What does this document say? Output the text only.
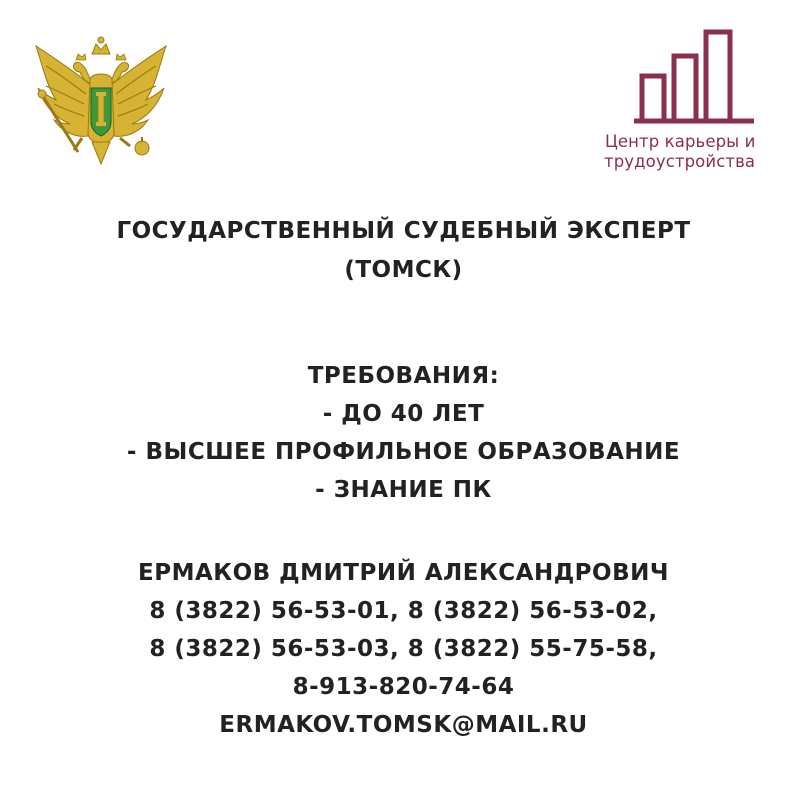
Центр карьеры и
трудоустройства
ГОСУДАРСТВЕННЫЙ СУДЕБНЫЙ ЭКСПЕРТ
(ТОМСК)
ТРЕБОВАНИЯ:
- ДО 40 ЛЕТ
- ВЫСШЕЕ ПРОФИЛЬНОЕ ОБРАЗОВАНИЕ
- ЗНАНИЕ ПК
ЕРМАКОВ ДМИТРИЙ АЛЕКСАНДРОВИЧ
8 (3822) 56-53-01, 8 (3822) 56-53-02,
8 (3822) 56-53-03, 8 (3822) 55-75-58,
8-913-820-74-64
ERMAKOV.TOMSK@MAIL.RU
